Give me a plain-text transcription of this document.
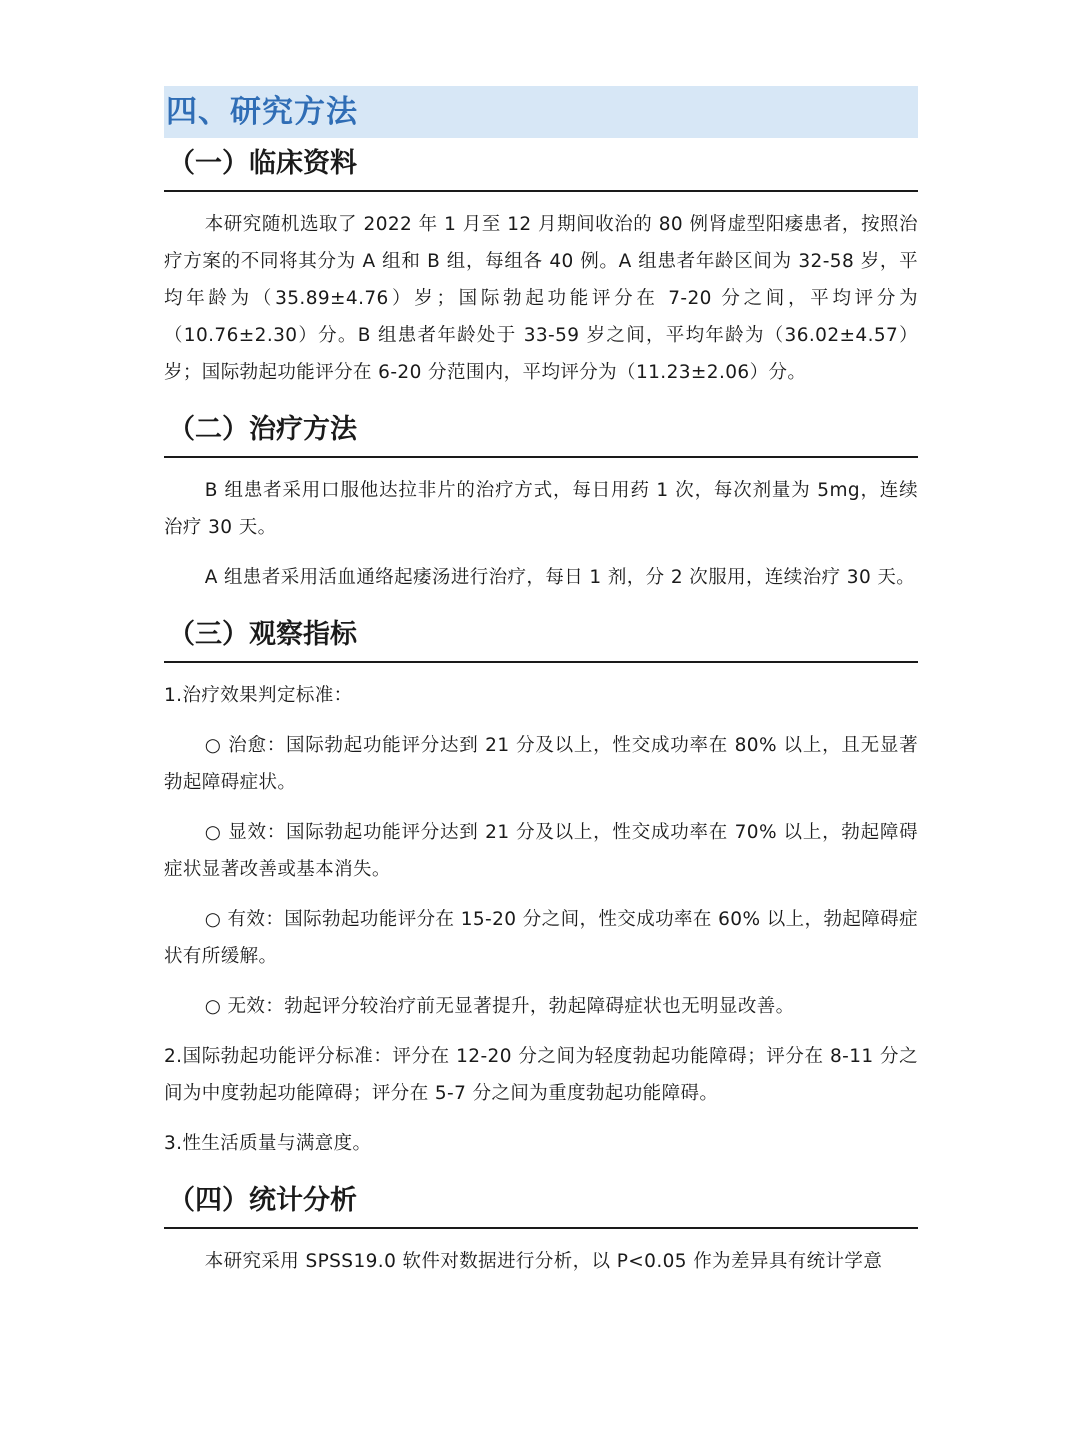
四、研究方法
（一）临床资料

本研究随机选取了 2022 年 1 月至 12 月期间收治的 80 例肾虚型阳痿患者，按照治疗方案的不同将其分为 A 组和 B 组，每组各 40 例。A 组患者年龄区间为 32-58 岁，平均年龄为（35.89±4.76）岁；国际勃起功能评分在 7-20 分之间，平均评分为（10.76±2.30）分。B 组患者年龄处于 33-59 岁之间，平均年龄为（36.02±4.57）岁；国际勃起功能评分在 6-20 分范围内，平均评分为（11.23±2.06）分。

（二）治疗方法

B 组患者采用口服他达拉非片的治疗方式，每日用药 1 次，每次剂量为 5mg，连续治疗 30 天。

A 组患者采用活血通络起痿汤进行治疗，每日 1 剂，分 2 次服用，连续治疗 30 天。

（三）观察指标

1.治疗效果判定标准：

○ 治愈：国际勃起功能评分达到 21 分及以上，性交成功率在 80% 以上，且无显著勃起障碍症状。

○ 显效：国际勃起功能评分达到 21 分及以上，性交成功率在 70% 以上，勃起障碍症状显著改善或基本消失。

○ 有效：国际勃起功能评分在 15-20 分之间，性交成功率在 60% 以上，勃起障碍症状有所缓解。

○ 无效：勃起评分较治疗前无显著提升，勃起障碍症状也无明显改善。

2.国际勃起功能评分标准：评分在 12-20 分之间为轻度勃起功能障碍；评分在 8-11 分之间为中度勃起功能障碍；评分在 5-7 分之间为重度勃起功能障碍。

3.性生活质量与满意度。

（四）统计分析

本研究采用 SPSS19.0 软件对数据进行分析，以 P<0.05 作为差异具有统计学意
